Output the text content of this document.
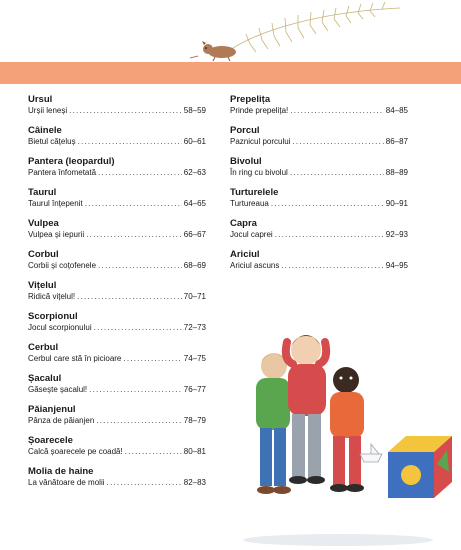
Ursul
Urșii leneși . . .	58–59
Câinele
Bietul cățeluș . . .	60–61
Pantera (leopardul)
Pantera înfometată . . .	62–63
Taurul
Taurul înțepenit . . .	64–65
Vulpea
Vulpea și iepurii . . .	66–67
Corbul
Corbii și coțofenele . . .	68–69
Vițelul
Ridică vițelul! . . .	70–71
Scorpionul
Jocul scorpionului . . .	72–73
Cerbul
Cerbul care stă în picioare . . .	74–75
Șacalul
Găsește șacalul! . . .	76–77
Păianjenul
Pânza de păianjen . . .	78–79
Șoarecele
Calcă șoarecele pe coadă! . . .	80–81
Molia de haine
La vânătoare de molii . . .	82–83
Prepelița
Prinde prepelița! . . .	84–85
Porcul
Paznicul porcului . . .	86–87
Bivolul
În ring cu bivolul . . .	88–89
Turturelele
Turtureaua . . .	90–91
Capra
Jocul caprei . . .	92–93
Ariciul
Ariciul ascuns . . .	94–95
